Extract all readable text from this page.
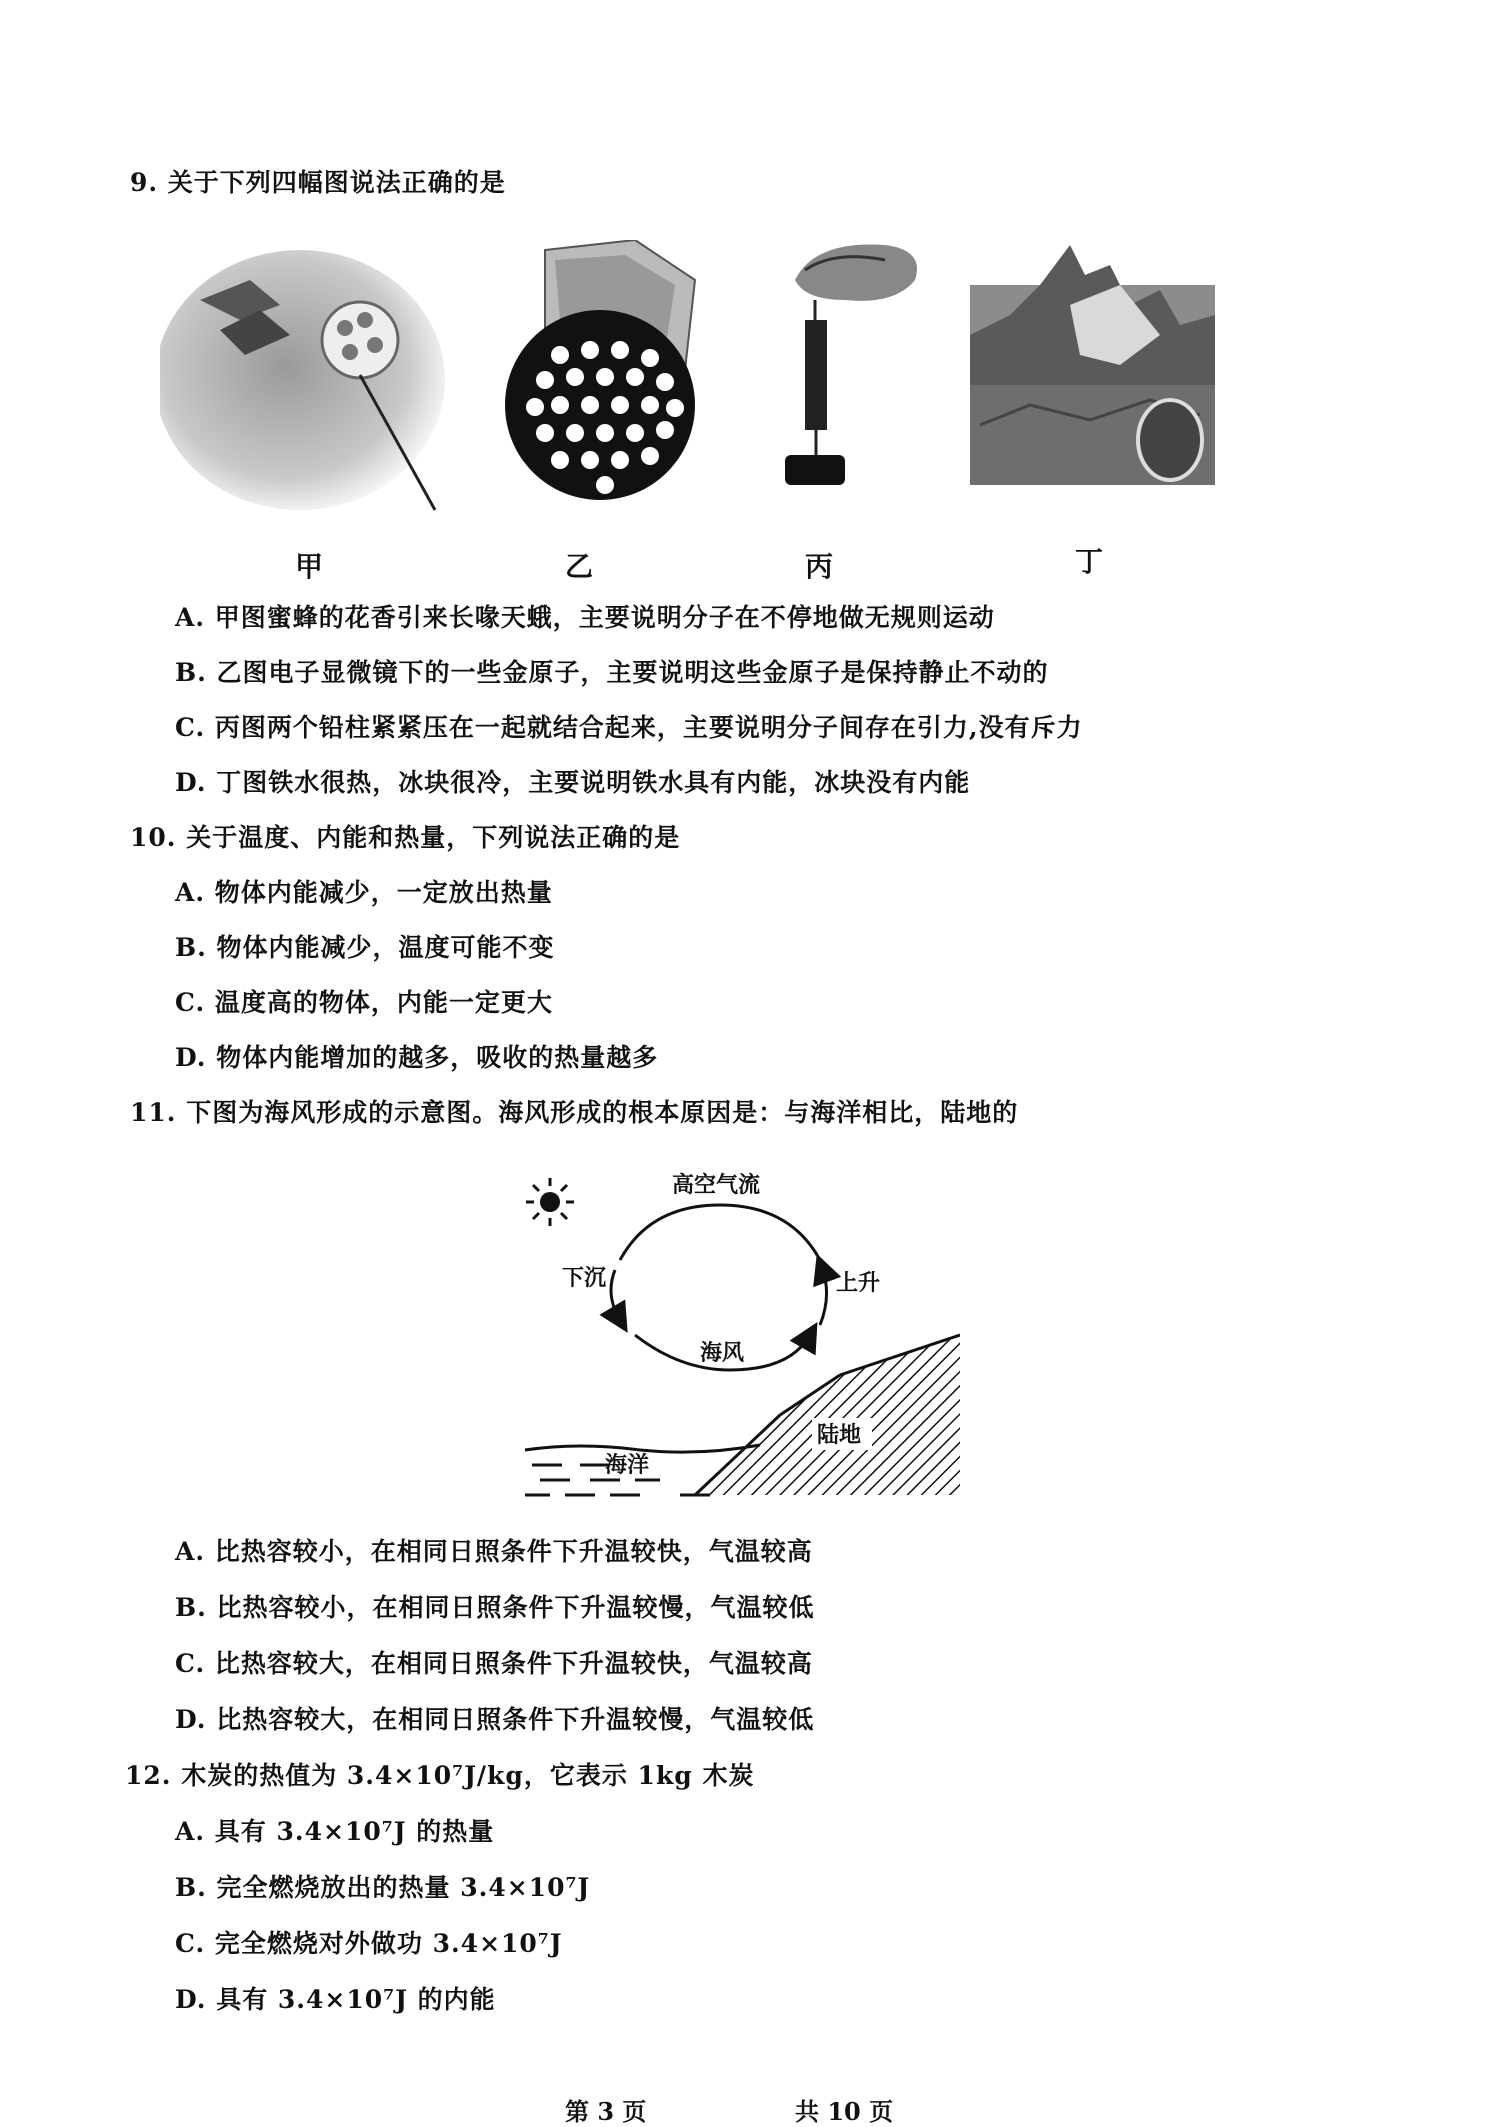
9. 关于下列四幅图说法正确的是
甲	乙	丙	丁
A. 甲图蜜蜂的花香引来长喙天蛾，主要说明分子在不停地做无规则运动
B. 乙图电子显微镜下的一些金原子，主要说明这些金原子是保持静止不动的
C. 丙图两个铅柱紧紧压在一起就结合起来，主要说明分子间存在引力,没有斥力
D. 丁图铁水很热，冰块很冷，主要说明铁水具有内能，冰块没有内能
10. 关于温度、内能和热量，下列说法正确的是
A. 物体内能减少，一定放出热量
B. 物体内能减少，温度可能不变
C. 温度高的物体，内能一定更大
D. 物体内能增加的越多，吸收的热量越多
11. 下图为海风形成的示意图。海风形成的根本原因是：与海洋相比，陆地的
高空气流
下沉	上升
海风
海洋
陆地
A. 比热容较小，在相同日照条件下升温较快，气温较高
B. 比热容较小，在相同日照条件下升温较慢，气温较低
C. 比热容较大，在相同日照条件下升温较快，气温较高
D. 比热容较大，在相同日照条件下升温较慢，气温较低
12. 木炭的热值为 3.4×10⁷J/kg，它表示 1kg 木炭
A. 具有 3.4×10⁷J 的热量
B. 完全燃烧放出的热量 3.4×10⁷J
C. 完全燃烧对外做功 3.4×10⁷J
D. 具有 3.4×10⁷J 的内能
第 3 页	共 10 页
